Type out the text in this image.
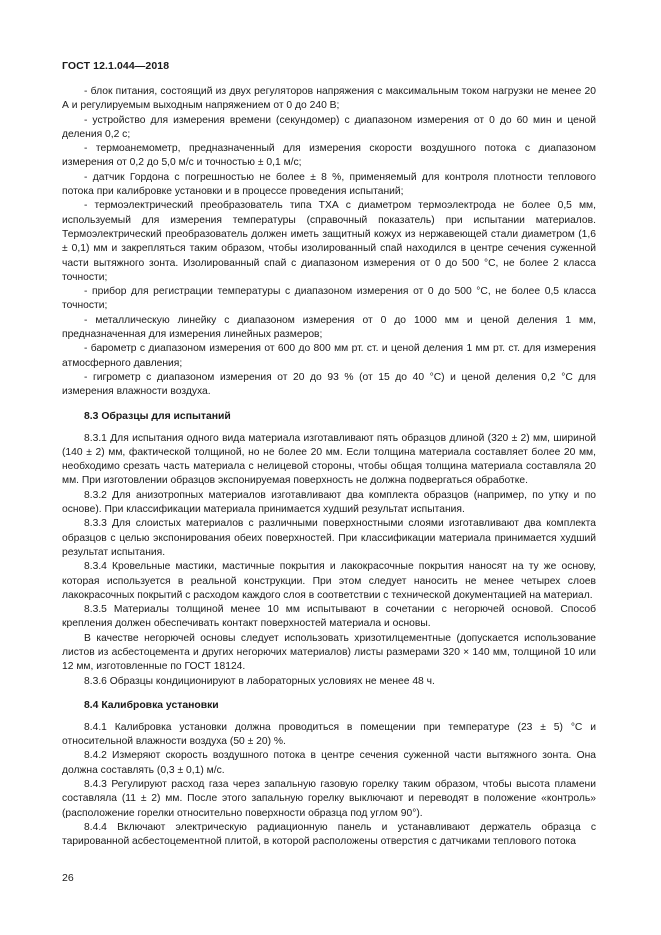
ГОСТ 12.1.044—2018

- блок питания, состоящий из двух регуляторов напряжения с максимальным током нагрузки не менее 20 А и регулируемым выходным напряжением от 0 до 240 В;

- устройство для измерения времени (секундомер) с диапазоном измерения от 0 до 60 мин и ценой деления 0,2 с;

- термоанемометр, предназначенный для измерения скорости воздушного потока с диапазоном измерения от 0,2 до 5,0 м/с и точностью ± 0,1 м/с;

- датчик Гордона с погрешностью не более ± 8 %, применяемый для контроля плотности теплового потока при калибровке установки и в процессе проведения испытаний;

- термоэлектрический преобразователь типа ТХА с диаметром термоэлектрода не более 0,5 мм, используемый для измерения температуры (справочный показатель) при испытании материалов. Термоэлектрический преобразователь должен иметь защитный кожух из нержавеющей стали диаметром (1,6 ± 0,1) мм и закрепляться таким образом, чтобы изолированный спай находился в центре сечения суженной части вытяжного зонта. Изолированный спай с диапазоном измерения от 0 до 500 °С, не более 2 класса точности;

- прибор для регистрации температуры с диапазоном измерения от 0 до 500 °С, не более 0,5 класса точности;

- металлическую линейку с диапазоном измерения от 0 до 1000 мм и ценой деления 1 мм, предназначенная для измерения линейных размеров;

- барометр с диапазоном измерения от 600 до 800 мм рт. ст. и ценой деления 1 мм рт. ст. для измерения атмосферного давления;

- гигрометр с диапазоном измерения от 20 до 93 % (от 15 до 40 °С) и ценой деления 0,2 °С для измерения влажности воздуха.

8.3 Образцы для испытаний

8.3.1 Для испытания одного вида материала изготавливают пять образцов длиной (320 ± 2) мм, шириной (140 ± 2) мм, фактической толщиной, но не более 20 мм. Если толщина материала составляет более 20 мм, необходимо срезать часть материала с нелицевой стороны, чтобы общая толщина материала составляла 20 мм. При изготовлении образцов экспонируемая поверхность не должна подвергаться обработке.

8.3.2 Для анизотропных материалов изготавливают два комплекта образцов (например, по утку и по основе). При классификации материала принимается худший результат испытания.

8.3.3 Для слоистых материалов с различными поверхностными слоями изготавливают два комплекта образцов с целью экспонирования обеих поверхностей. При классификации материала принимается худший результат испытания.

8.3.4 Кровельные мастики, мастичные покрытия и лакокрасочные покрытия наносят на ту же основу, которая используется в реальной конструкции. При этом следует наносить не менее четырех слоев лакокрасочных покрытий с расходом каждого слоя в соответствии с технической документацией на материал.

8.3.5 Материалы толщиной менее 10 мм испытывают в сочетании с негорючей основой. Способ крепления должен обеспечивать контакт поверхностей материала и основы.

В качестве негорючей основы следует использовать хризотилцементные (допускается использование листов из асбестоцемента и других негорючих материалов) листы размерами 320 × 140 мм, толщиной 10 или 12 мм, изготовленные по ГОСТ 18124.

8.3.6 Образцы кондиционируют в лабораторных условиях не менее 48 ч.

8.4 Калибровка установки

8.4.1 Калибровка установки должна проводиться в помещении при температуре (23 ± 5) °С и относительной влажности воздуха (50 ± 20) %.

8.4.2 Измеряют скорость воздушного потока в центре сечения суженной части вытяжного зонта. Она должна составлять (0,3 ± 0,1) м/с.

8.4.3 Регулируют расход газа через запальную газовую горелку таким образом, чтобы высота пламени составляла (11 ± 2) мм. После этого запальную горелку выключают и переводят в положение «контроль» (расположение горелки относительно поверхности образца под углом 90°).

8.4.4 Включают электрическую радиационную панель и устанавливают держатель образца с тарированной асбестоцементной плитой, в которой расположены отверстия с датчиками теплового потока

26
